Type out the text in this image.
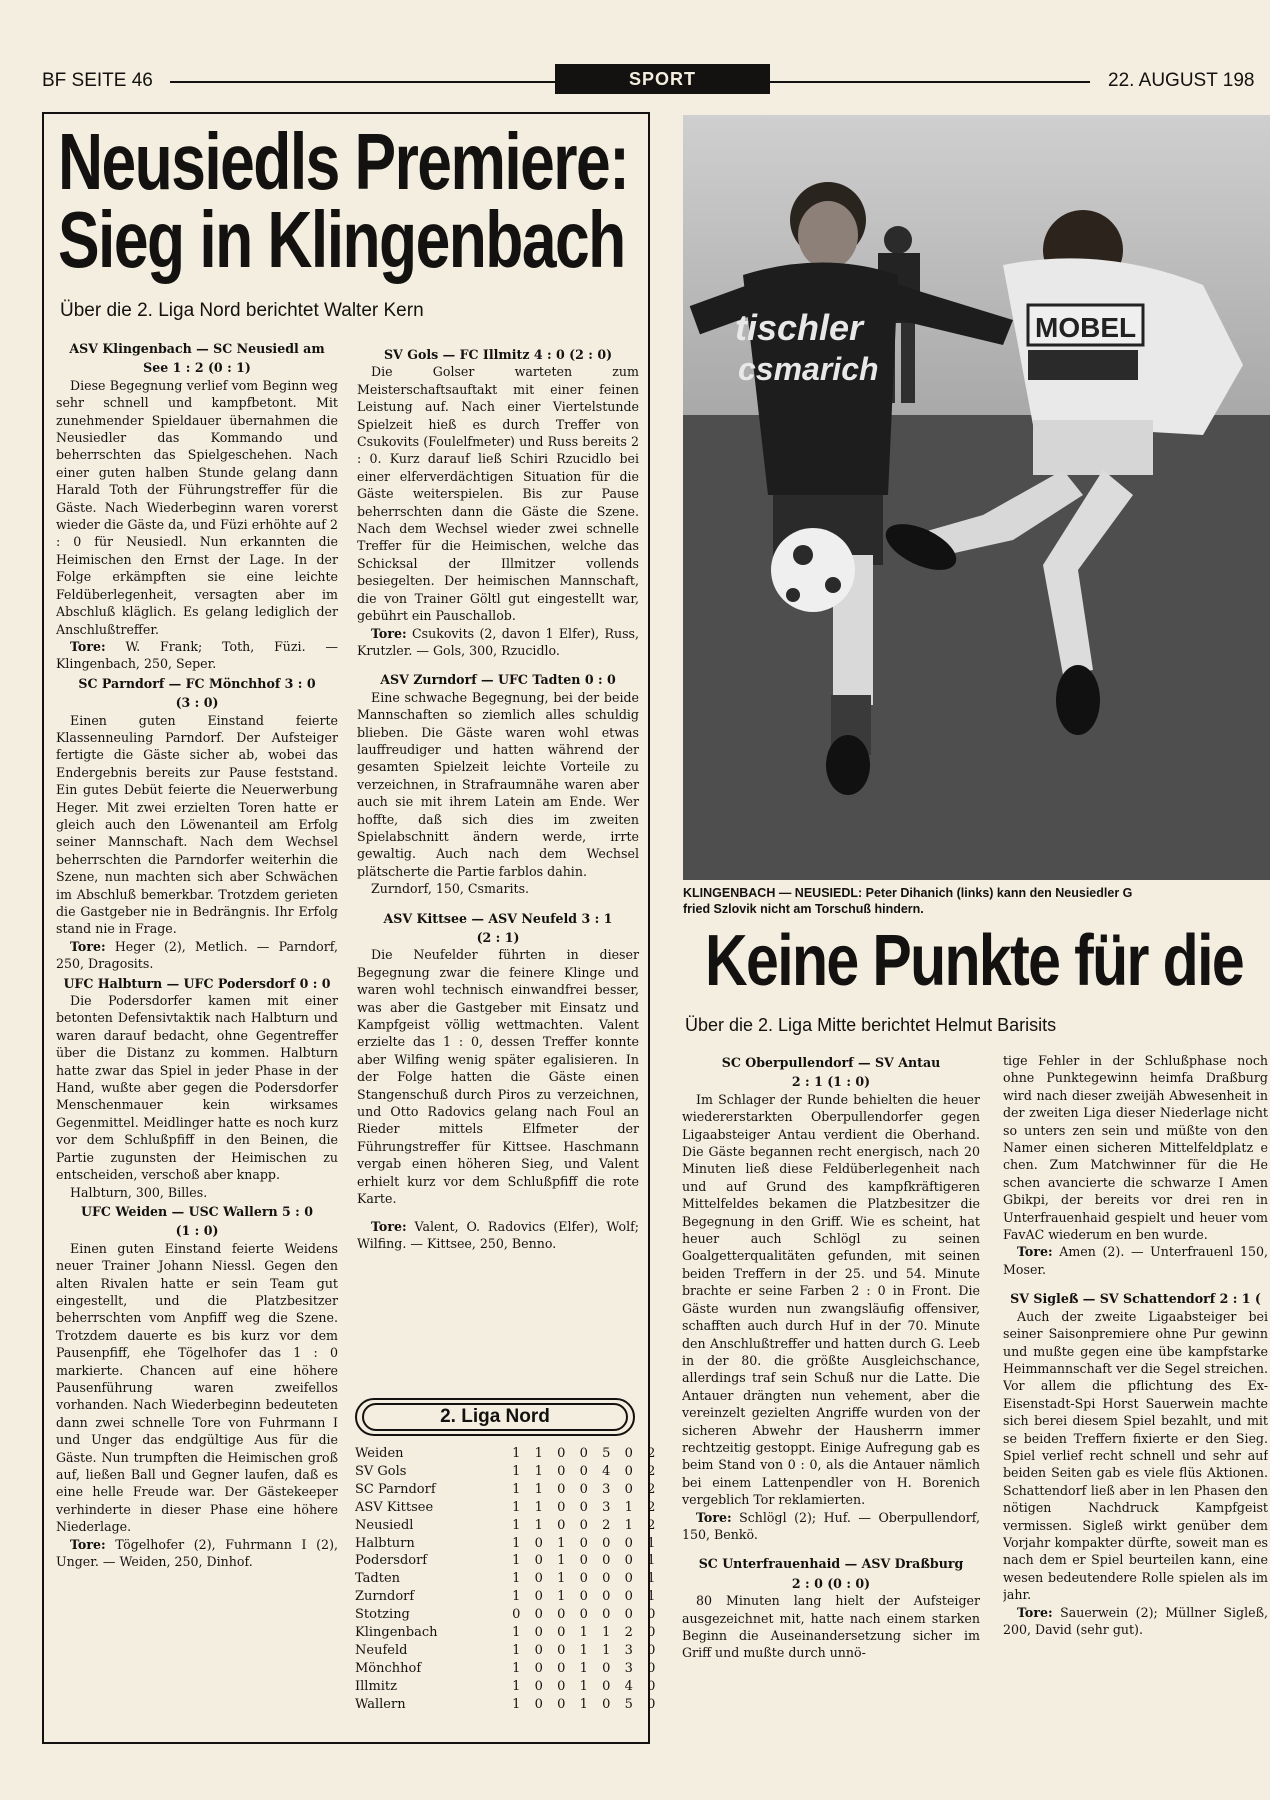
BF SEITE 46	SPORT	22. AUGUST 198
Neusiedls Premiere:
Sieg in Klingenbach
Über die 2. Liga Nord berichtet Walter Kern

ASV Klingenbach — SC Neusiedl am

See 1 : 2 (0 : 1)

Diese Begegnung verlief vom Beginn weg sehr schnell und kampfbetont. Mit zunehmender Spieldauer übernahmen die Neusiedler das Kommando und beherrschten das Spielgeschehen. Nach einer guten halben Stunde gelang dann Harald Toth der Führungstreffer für die Gäste. Nach Wiederbeginn waren vorerst wieder die Gäste da, und Füzi erhöhte auf 2 : 0 für Neusiedl. Nun erkannten die Heimischen den Ernst der Lage. In der Folge erkämpften sie eine leichte Feldüberlegenheit, versagten aber im Abschluß kläglich. Es gelang lediglich der Anschlußtreffer.

Tore: W. Frank; Toth, Füzi. — Klingenbach, 250, Seper.

SC Parndorf — FC Mönchhof 3 : 0

(3 : 0)

Einen guten Einstand feierte Klassenneuling Parndorf. Der Aufsteiger fertigte die Gäste sicher ab, wobei das Endergebnis bereits zur Pause feststand. Ein gutes Debüt feierte die Neuerwerbung Heger. Mit zwei erzielten Toren hatte er gleich auch den Löwenanteil am Erfolg seiner Mannschaft. Nach dem Wechsel beherrschten die Parndorfer weiterhin die Szene, nun machten sich aber Schwächen im Abschluß bemerkbar. Trotzdem gerieten die Gastgeber nie in Bedrängnis. Ihr Erfolg stand nie in Frage.

Tore: Heger (2), Metlich. — Parndorf, 250, Dragosits.

UFC Halbturn — UFC Podersdorf 0 : 0

Die Podersdorfer kamen mit einer betonten Defensivtaktik nach Halbturn und waren darauf bedacht, ohne Gegentreffer über die Distanz zu kommen. Halbturn hatte zwar das Spiel in jeder Phase in der Hand, wußte aber gegen die Podersdorfer Menschenmauer kein wirksames Gegenmittel. Meidlinger hatte es noch kurz vor dem Schlußpfiff in den Beinen, die Partie zugunsten der Heimischen zu entscheiden, verschoß aber knapp.

Halbturn, 300, Billes.

UFC Weiden — USC Wallern 5 : 0

(1 : 0)

Einen guten Einstand feierte Weidens neuer Trainer Johann Niessl. Gegen den alten Rivalen hatte er sein Team gut eingestellt, und die Platzbesitzer beherrschten vom Anpfiff weg die Szene. Trotzdem dauerte es bis kurz vor dem Pausenpfiff, ehe Tögelhofer das 1 : 0 markierte. Chancen auf eine höhere Pausenführung waren zweifellos vorhanden. Nach Wiederbeginn bedeuteten dann zwei schnelle Tore von Fuhrmann I und Unger das endgültige Aus für die Gäste. Nun trumpften die Heimischen groß auf, ließen Ball und Gegner laufen, daß es eine helle Freude war. Der Gästekeeper verhinderte in dieser Phase eine höhere Niederlage.

Tore: Tögelhofer (2), Fuhrmann I (2), Unger. — Weiden, 250, Dinhof.

SV Gols — FC Illmitz 4 : 0 (2 : 0)

Die Golser warteten zum Meisterschaftsauftakt mit einer feinen Leistung auf. Nach einer Viertelstunde Spielzeit hieß es durch Treffer von Csukovits (Foulelfmeter) und Russ bereits 2 : 0. Kurz darauf ließ Schiri Rzucidlo bei einer elferverdächtigen Situation für die Gäste weiterspielen. Bis zur Pause beherrschten dann die Gäste die Szene. Nach dem Wechsel wieder zwei schnelle Treffer für die Heimischen, welche das Schicksal der Illmitzer vollends besiegelten. Der heimischen Mannschaft, die von Trainer Göltl gut eingestellt war, gebührt ein Pauschallob.

Tore: Csukovits (2, davon 1 Elfer), Russ, Krutzler. — Gols, 300, Rzucidlo.

ASV Zurndorf — UFC Tadten 0 : 0

Eine schwache Begegnung, bei der beide Mannschaften so ziemlich alles schuldig blieben. Die Gäste waren wohl etwas lauffreudiger und hatten während der gesamten Spielzeit leichte Vorteile zu verzeichnen, in Strafraumnähe waren aber auch sie mit ihrem Latein am Ende. Wer hoffte, daß sich dies im zweiten Spielabschnitt ändern werde, irrte gewaltig. Auch nach dem Wechsel plätscherte die Partie farblos dahin.

Zurndorf, 150, Csmarits.

ASV Kittsee — ASV Neufeld 3 : 1

(2 : 1)

Die Neufelder führten in dieser Begegnung zwar die feinere Klinge und waren wohl technisch einwandfrei besser, was aber die Gastgeber mit Einsatz und Kampfgeist völlig wettmachten. Valent erzielte das 1 : 0, dessen Treffer konnte aber Wilfing wenig später egalisieren. In der Folge hatten die Gäste einen Stangenschuß durch Piros zu verzeichnen, und Otto Radovics gelang nach Foul an Rieder mittels Elfmeter der Führungstreffer für Kittsee. Haschmann vergab einen höheren Sieg, und Valent erhielt kurz vor dem Schlußpfiff die rote Karte.

Tore: Valent, O. Radovics (Elfer), Wolf; Wilfing. — Kittsee, 250, Benno.

2. Liga Nord
Weiden	1	1	0	0	5	0	2
SV Gols	1	1	0	0	4	0	2
SC Parndorf	1	1	0	0	3	0	2
ASV Kittsee	1	1	0	0	3	1	2
Neusiedl	1	1	0	0	2	1	2
Halbturn	1	0	1	0	0	0	1
Podersdorf	1	0	1	0	0	0	1
Tadten	1	0	1	0	0	0	1
Zurndorf	1	0	1	0	0	0	1
Stotzing	0	0	0	0	0	0	0
Klingenbach	1	0	0	1	1	2	0
Neufeld	1	0	0	1	1	3	0
Mönchhof	1	0	0	1	0	3	0
Illmitz	1	0	0	1	0	4	0
Wallern	1	0	0	1	0	5	0
tischler
csmarich
MOBEL
KLINGENBACH — NEUSIEDL: Peter Dihanich (links) kann den Neusiedler G
fried Szlovik nicht am Torschuß hindern.
Keine Punkte für die
Über die 2. Liga Mitte berichtet Helmut Barisits

SC Oberpullendorf — SV Antau

2 : 1 (1 : 0)

Im Schlager der Runde behielten die heuer wiedererstarkten Oberpullendorfer gegen Ligaabsteiger Antau verdient die Oberhand. Die Gäste begannen recht energisch, nach 20 Minuten ließ diese Feldüberlegenheit nach und auf Grund des kampfkräftigeren Mittelfeldes bekamen die Platzbesitzer die Begegnung in den Griff. Wie es scheint, hat heuer auch Schlögl zu seinen Goalgetterqualitäten gefunden, mit seinen beiden Treffern in der 25. und 54. Minute brachte er seine Farben 2 : 0 in Front. Die Gäste wurden nun zwangsläufig offensiver, schafften auch durch Huf in der 70. Minute den Anschlußtreffer und hatten durch G. Leeb in der 80. die größte Ausgleichschance, allerdings traf sein Schuß nur die Latte. Die Antauer drängten nun vehement, aber die vereinzelt gezielten Angriffe wurden von der sicheren Abwehr der Hausherrn immer rechtzeitig gestoppt. Einige Aufregung gab es beim Stand von 0 : 0, als die Antauer nämlich bei einem Lattenpendler von H. Borenich vergeblich Tor reklamierten.

Tore: Schlögl (2); Huf. — Oberpullendorf, 150, Benkö.

SC Unterfrauenhaid — ASV Draßburg

2 : 0 (0 : 0)

80 Minuten lang hielt der Aufsteiger ausgezeichnet mit, hatte nach einem starken Beginn die Auseinandersetzung sicher im Griff und mußte durch unnö-

tige Fehler in der Schlußphase noch ohne Punktegewinn heimfa Draßburg wird nach dieser zweijäh Abwesenheit in der zweiten Liga dieser Niederlage nicht so unters zen sein und müßte von den Namer einen sicheren Mittelfeldplatz e chen. Zum Matchwinner für die He schen avancierte die schwarze I Amen Gbikpi, der bereits vor drei ren in Unterfrauenhaid gespielt und heuer vom FavAC wiederum en ben wurde.

Tore: Amen (2). — Unterfrauenl 150, Moser.

SV Sigleß — SV Schattendorf 2 : 1 (

Auch der zweite Ligaabsteiger bei seiner Saisonpremiere ohne Pur gewinn und mußte gegen eine übe kampfstarke Heimmannschaft ver die Segel streichen. Vor allem die pflichtung des Ex-Eisenstadt-Spi Horst Sauerwein machte sich berei diesem Spiel bezahlt, und mit se beiden Treffern fixierte er den Sieg. Spiel verlief recht schnell und sehr auf beiden Seiten gab es viele flüs Aktionen. Schattendorf ließ aber in len Phasen den nötigen Nachdruck Kampfgeist vermissen. Sigleß wirkt genüber dem Vorjahr kompakter dürfte, soweit man es nach dem er Spiel beurteilen kann, eine wesen bedeutendere Rolle spielen als im jahr.

Tore: Sauerwein (2); Müllner Sigleß, 200, David (sehr gut).
